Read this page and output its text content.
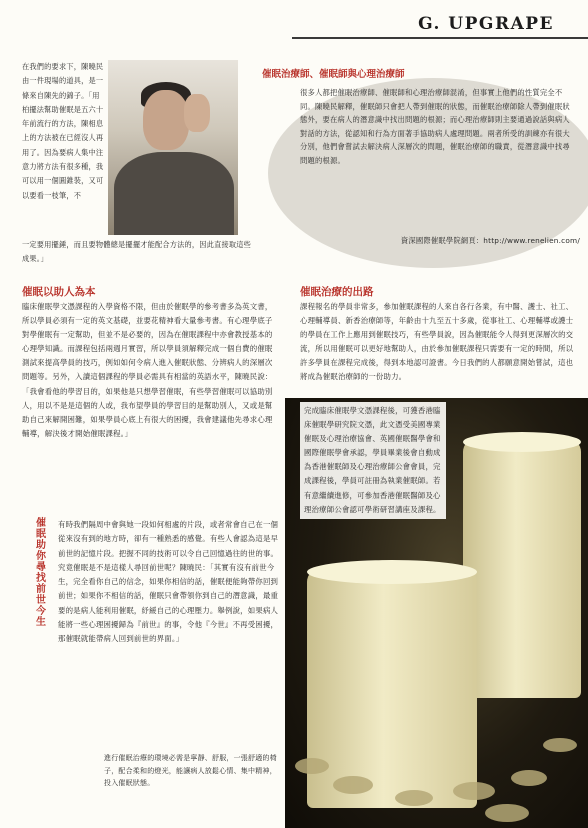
G. UPGRAPE
在我們的要求下，陳曉民由一件現場的道具，是一條來自陳先的錦子。「用柏擺法幫助催眠是五六十年前流行的方法，陳相息上的方法被在已經沒人再用了。因為要病人集中注意力將方法有很多種，我可以用一個圓錐裝，又可以要看一枝筆，不
一定要用擺錘，而且要物體總是擺擺才能配合方法的，因此直接取這些成果。」
催眠治療師、催眠師與心理治療師
很多人都把催眠治療師、催眠師和心理治療師混淆，但事實上他們的性質完全不同。陳曉民解釋，催眠師只會把人帶到催眠的狀態，而催眠治療師除人帶到催眠狀態外，要在病人的潛意識中找出問題的根源；而心理治療師則主要通過說話與病人對話的方法，從認知和行為方面著手協助病人處理問題。兩者所受的訓練亦有很大分別，他們會嘗試去解決病人深層次的問題，催眠治療師的職責，從潛意識中找尋問題的根源。
資深國際催眠學院網頁：http://www.renelien.com/
催眠以助人為本
臨床催眠學文憑課程的入學資格不限，但由於催眠學的參考書多為英文書，所以學員必須有一定的英文基礎，並要花精神看大量參考書。有心理學底子對學催眠有一定幫助，但並不是必要的，因為在催眠課程中亦會教授基本的心理學知識。而課程包括兩週月實習，所以學員須解釋完成一個自費的催眠測試來提高學員的技巧，例如如何令病人進入催眠狀態、分辨病人的深層次問題等。另外，入讀這個課程的學員必需具有相當的英語水平，陳曉民說：「我會看他的學習目的，如果他是只想學習催眠，有些學習催眠可以協助別人，用以不是是這個的人或，我布望學員的學習目的是幫助別人，又或是幫助自己來解開困難，如果學員心底上有很大的困擾，我會建議他先尋求心理輔導，解決後才開始催眠課程。」
催眠治療的出路
課程報名的學員非常多，參加催眠課程的人來自各行各業，有中醫、護士、社工、心理輔導員、新香治療師等，年齡由十九至五十多歲，從事社工、心理輔導或護士的學員在工作上應用到催眠技巧，有些學員說，因為催眠能令人得到更深層次的交流，所以用催眠可以更好地幫助人，由於參加催眠課程只需要有一定的時間，所以許多學員在課程完成後，得到本地認可證書。今日我們的人都願意開始嘗試，這也將成為催眠治療師的一份助力。
完成臨床催眠學文憑課程後，可獲香港臨床催眠學研究院文憑，此文憑受美國專業催眠及心理治療協會、英國催眠醫學會和國際催眠學會承認，學員畢業後會自動成為香港催眠師及心理治療師公會會員，完成課程後，學員可註冊為執業催眠師。若有意繼續進修，可參加香港催眠醫師及心理治療師公會認可學術研習講座及課程。
催眠助你尋找前世今生
有時我們隔周中會與她一段如何相處的片段，或者常會自己在一個從來沒有到的地方時，卻有一種熟悉的感覺。有些人會認為這是早前世的記憶片段。把握不同的技術可以令自己回憶過往的世的事。究竟催眠是不是這樣人尋回前世呢？陳曉民：「其實有沒有前世今生，完全看你自己的信念，如果你相信的話，催眠便能夠帶你回到前世；如果你不相信的話，催眠只會帶領你到自己的潛意識，最重要的是病人能利用催眠，紓緩自己的心理壓力。舉例說，如果病人能將一些心理困擾歸為『前世』的事，令他『今世』不再受困擾，那催眠就能帶病人回到前世的界面。」
進行催眠治療的環境必需是寧靜、舒服，一張舒適的椅子，配合柔和的燈光，能讓病人放鬆心情、集中精神，投入催眠狀態。
